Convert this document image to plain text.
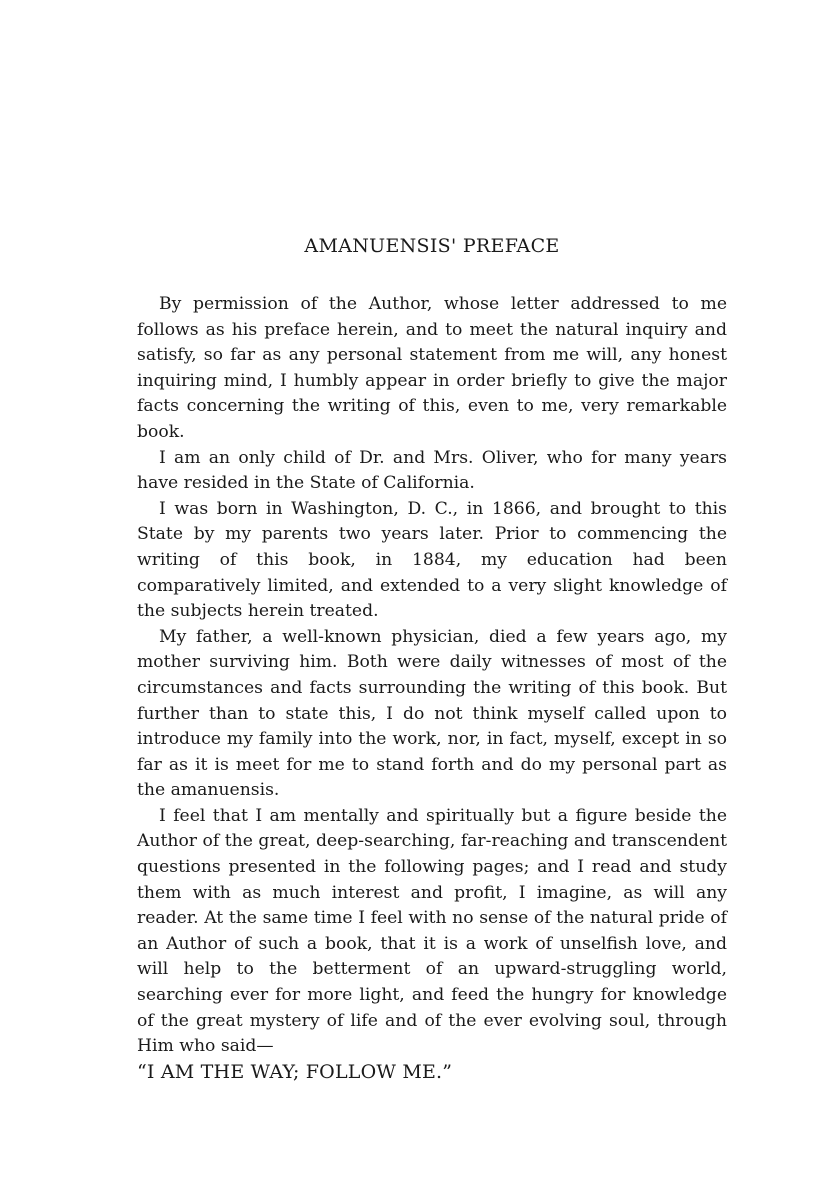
AMANUENSIS' PREFACE

By permission of the Author, whose letter addressed to me follows as his preface herein, and to meet the natural inquiry and satisfy, so far as any personal statement from me will, any honest inquiring mind, I humbly appear in order briefly to give the major facts concerning the writing of this, even to me, very remarkable book.

I am an only child of Dr. and Mrs. Oliver, who for many years have resided in the State of California.

I was born in Washington, D. C., in 1866, and brought to this State by my parents two years later. Prior to commencing the writing of this book, in 1884, my education had been comparatively limited, and extended to a very slight knowledge of the subjects herein treated.

My father, a well-known physician, died a few years ago, my mother surviving him. Both were daily witnesses of most of the circumstances and facts surrounding the writing of this book. But further than to state this, I do not think myself called upon to introduce my family into the work, nor, in fact, myself, except in so far as it is meet for me to stand forth and do my personal part as the amanuensis.

I feel that I am mentally and spiritually but a figure beside the Author of the great, deep-searching, far-reaching and transcendent questions presented in the following pages; and I read and study them with as much interest and profit, I imagine, as will any reader. At the same time I feel with no sense of the natural pride of an Author of such a book, that it is a work of unselfish love, and will help to the betterment of an upward-struggling world, searching ever for more light, and feed the hungry for knowledge of the great mystery of life and of the ever evolving soul, through Him who said—

“I AM THE WAY; FOLLOW ME.”
